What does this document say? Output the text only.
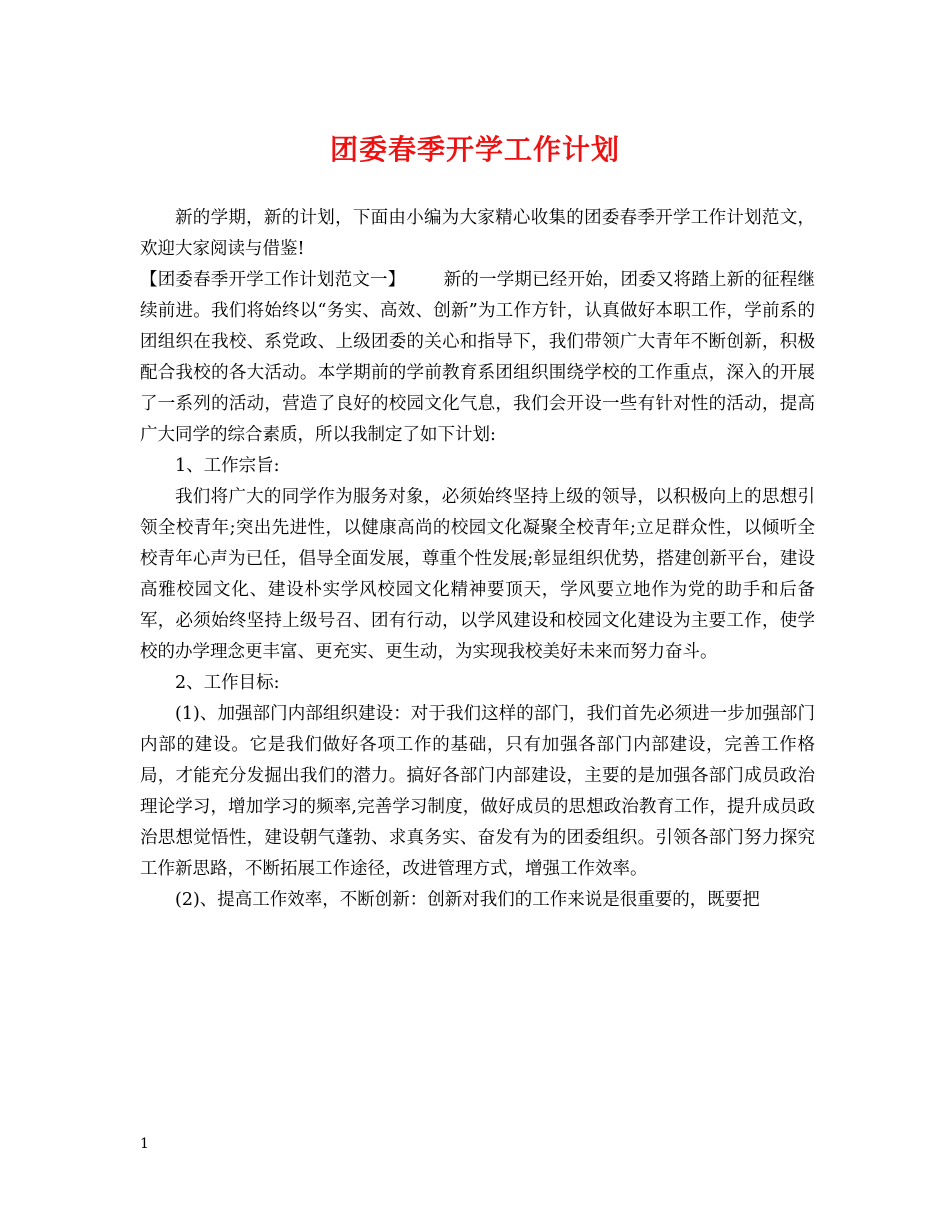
团委春季开学工作计划

新的学期，新的计划，下面由小编为大家精心收集的团委春季开学工作计划范文，欢迎大家阅读与借鉴!

【团委春季开学工作计划范文一】 新的一学期已经开始，团委又将踏上新的征程继续前进。我们将始终以“务实、高效、创新”为工作方针，认真做好本职工作，学前系的团组织在我校、系党政、上级团委的关心和指导下，我们带领广大青年不断创新，积极配合我校的各大活动。本学期前的学前教育系团组织围绕学校的工作重点，深入的开展了一系列的活动，营造了良好的校园文化气息，我们会开设一些有针对性的活动，提高广大同学的综合素质，所以我制定了如下计划:

1、工作宗旨:

我们将广大的同学作为服务对象，必须始终坚持上级的领导，以积极向上的思想引领全校青年;突出先进性，以健康高尚的校园文化凝聚全校青年;立足群众性，以倾听全校青年心声为已任，倡导全面发展，尊重个性发展;彰显组织优势，搭建创新平台，建设高雅校园文化、建设朴实学风校园文化精神要顶天，学风要立地作为党的助手和后备军，必须始终坚持上级号召、团有行动，以学风建设和校园文化建设为主要工作，使学校的办学理念更丰富、更充实、更生动，为实现我校美好未来而努力奋斗。

2、工作目标:

(1)、加强部门内部组织建设：对于我们这样的部门，我们首先必须进一步加强部门内部的建设。它是我们做好各项工作的基础，只有加强各部门内部建设，完善工作格局，才能充分发掘出我们的潜力。搞好各部门内部建设，主要的是加强各部门成员政治理论学习，增加学习的频率,完善学习制度，做好成员的思想政治教育工作，提升成员政治思想觉悟性，建设朝气蓬勃、求真务实、奋发有为的团委组织。引领各部门努力探究工作新思路，不断拓展工作途径，改进管理方式，增强工作效率。

(2)、提高工作效率，不断创新：创新对我们的工作来说是很重要的，既要把

1
